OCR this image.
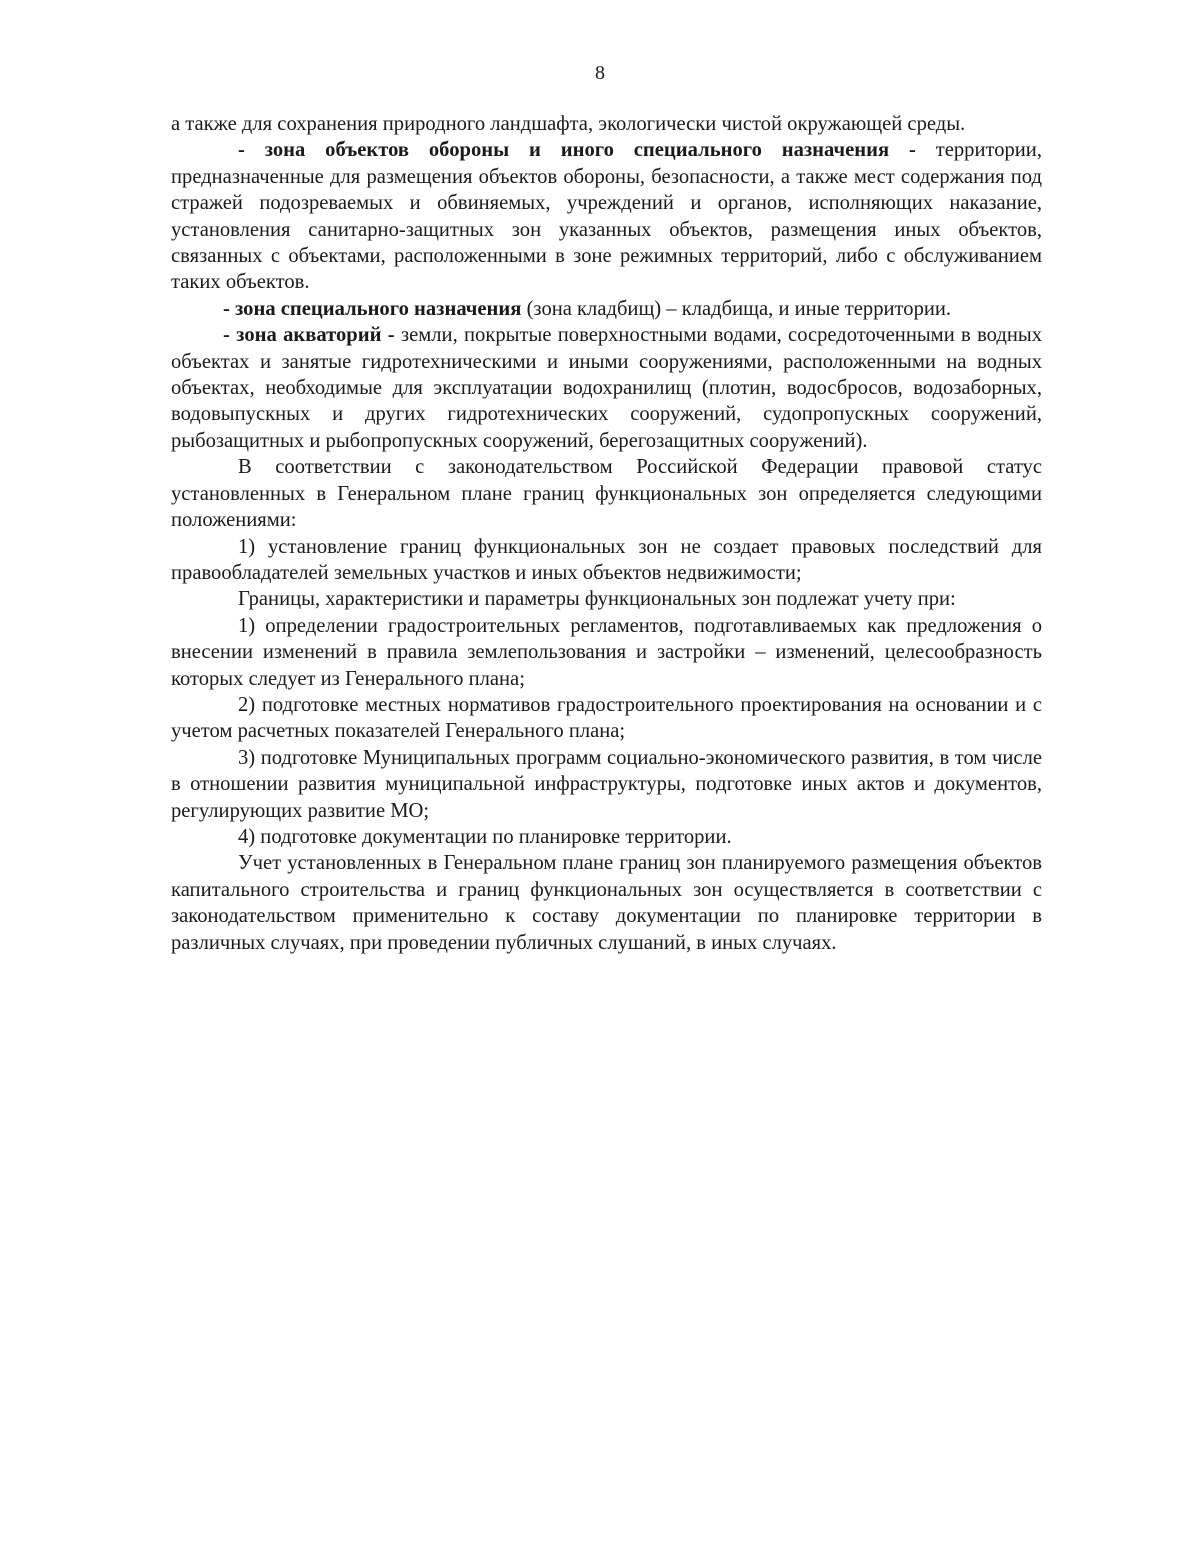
8

а также для сохранения природного ландшафта, экологически чистой окружающей среды.

- зона объектов обороны и иного специального назначения - территории, предназначенные для размещения объектов обороны, безопасности, а также мест содержания под стражей подозреваемых и обвиняемых, учреждений и органов, исполняющих наказание, установления санитарно-защитных зон указанных объектов, размещения иных объектов, связанных с объектами, расположенными в зоне режимных территорий, либо с обслуживанием таких объектов.

- зона специального назначения (зона кладбищ) – кладбища, и иные территории.

- зона акваторий - земли, покрытые поверхностными водами, сосредоточенными в водных объектах и занятые гидротехническими и иными сооружениями, расположенными на водных объектах, необходимые для эксплуатации водохранилищ (плотин, водосбросов, водозаборных, водовыпускных и других гидротехнических сооружений, судопропускных сооружений, рыбозащитных и рыбопропускных сооружений, берегозащитных сооружений).

В соответствии с законодательством Российской Федерации правовой статус установленных в Генеральном плане границ функциональных зон определяется следующими положениями:

1) установление границ функциональных зон не создает правовых последствий для правообладателей земельных участков и иных объектов недвижимости;

Границы, характеристики и параметры функциональных зон подлежат учету при:

1) определении градостроительных регламентов, подготавливаемых как предложения о внесении изменений в правила землепользования и застройки – изменений, целесообразность которых следует из Генерального плана;

2) подготовке местных нормативов градостроительного проектирования на основании и с учетом расчетных показателей Генерального плана;

3) подготовке Муниципальных программ социально-экономического развития, в том числе в отношении развития муниципальной инфраструктуры, подготовке иных актов и документов, регулирующих развитие МО;

4) подготовке документации по планировке территории.

Учет установленных в Генеральном плане границ зон планируемого размещения объектов капитального строительства и границ функциональных зон осуществляется в соответствии с законодательством применительно к составу документации по планировке территории в различных случаях, при проведении публичных слушаний, в иных случаях.
